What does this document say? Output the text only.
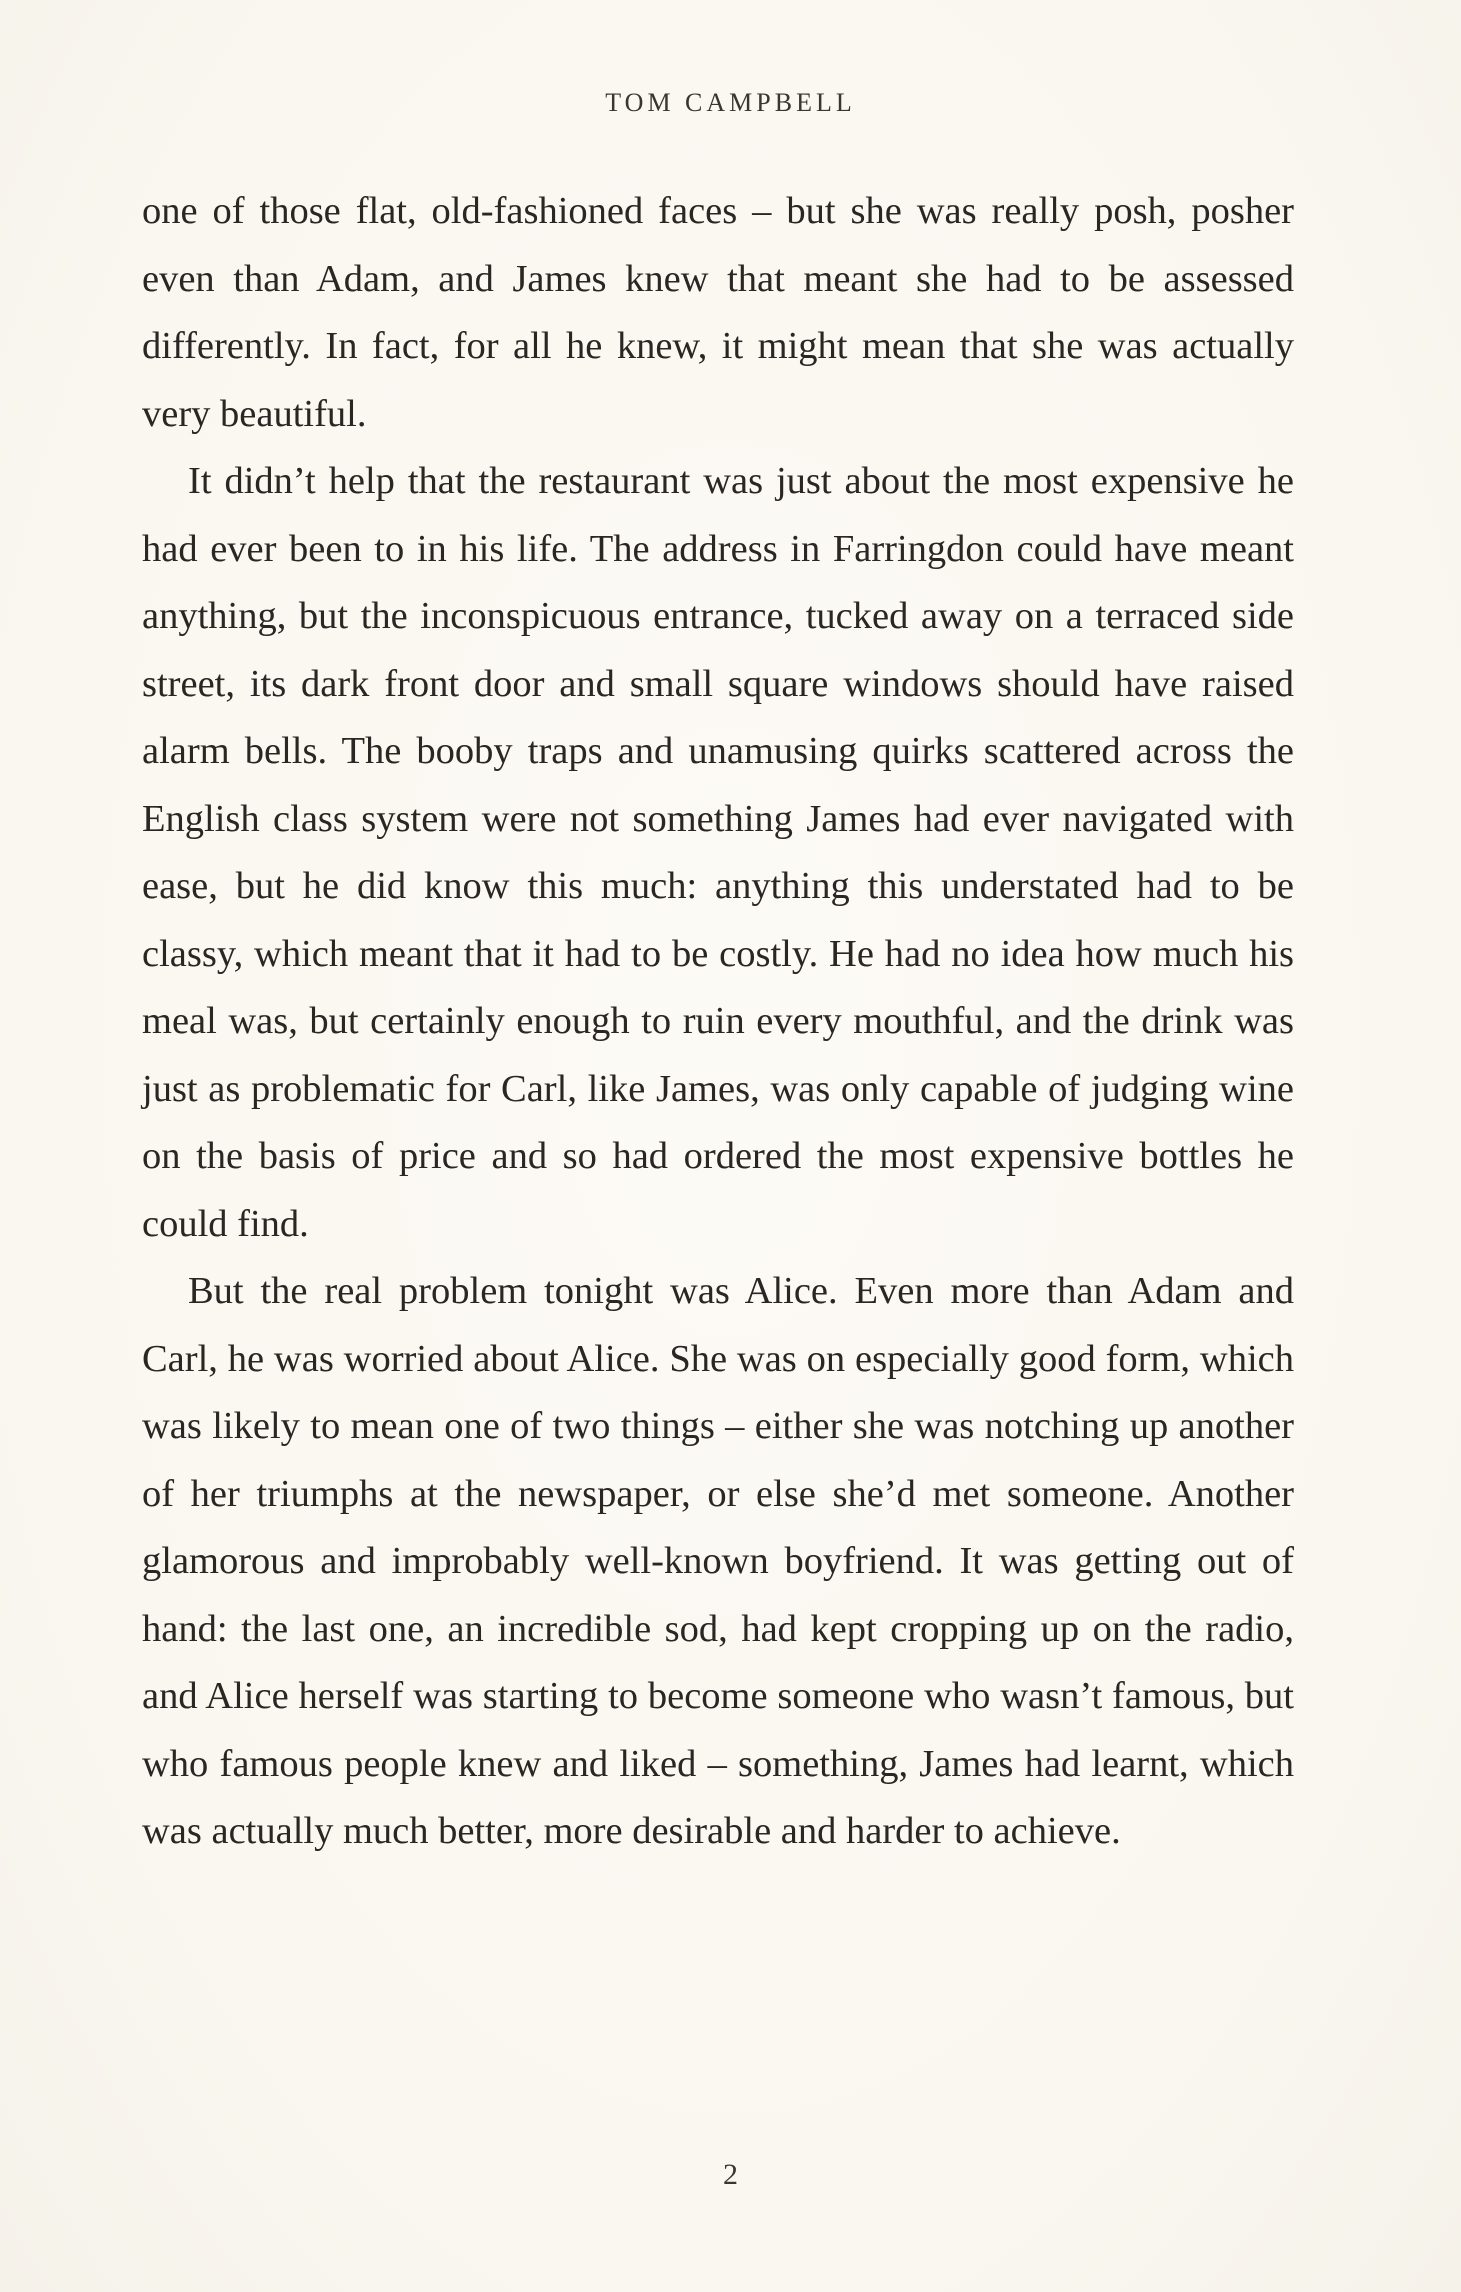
TOM CAMPBELL

one of those flat, old-fashioned faces – but she was really posh, posher even than Adam, and James knew that meant she had to be assessed differently. In fact, for all he knew, it might mean that she was actually very beautiful.

It didn’t help that the restaurant was just about the most expensive he had ever been to in his life. The address in Farringdon could have meant anything, but the inconspicuous entrance, tucked away on a terraced side street, its dark front door and small square windows should have raised alarm bells. The booby traps and unamusing quirks scattered across the English class system were not something James had ever navigated with ease, but he did know this much: anything this understated had to be classy, which meant that it had to be costly. He had no idea how much his meal was, but certainly enough to ruin every mouthful, and the drink was just as problematic for Carl, like James, was only capable of judging wine on the basis of price and so had ordered the most expensive bottles he could find.

But the real problem tonight was Alice. Even more than Adam and Carl, he was worried about Alice. She was on especially good form, which was likely to mean one of two things – either she was notching up another of her triumphs at the newspaper, or else she’d met someone. Another glamorous and improbably well-known boyfriend. It was getting out of hand: the last one, an incredible sod, had kept cropping up on the radio, and Alice herself was starting to become someone who wasn’t famous, but who famous people knew and liked – something, James had learnt, which was actually much better, more desirable and harder to achieve.

2
